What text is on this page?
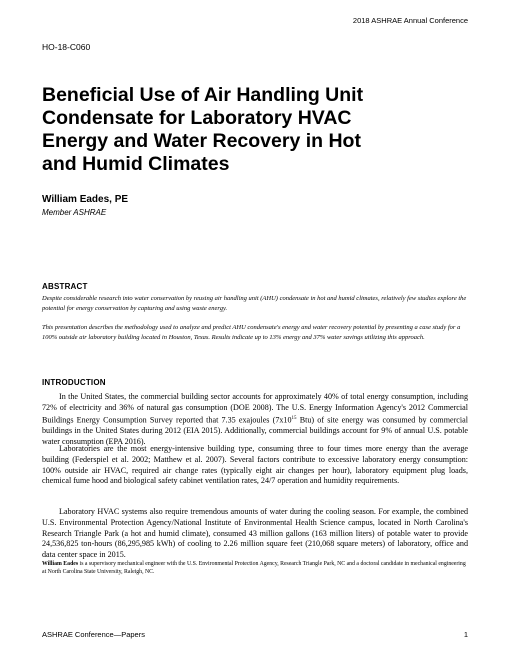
2018 ASHRAE Annual Conference
HO-18-C060
Beneficial Use of Air Handling Unit
Condensate for Laboratory HVAC
Energy and Water Recovery in Hot
and Humid Climates
William Eades, PE
Member ASHRAE
ABSTRACT

Despite considerable research into water conservation by reusing air handling unit (AHU) condensate in hot and humid climates, relatively few studies explore the potential for energy conservation by capturing and using waste energy.

This presentation describes the methodology used to analyze and predict AHU condensate's energy and water recovery potential by presenting a case study for a 100% outside air laboratory building located in Houston, Texas. Results indicate up to 13% energy and 37% water savings utilizing this approach.

INTRODUCTION

In the United States, the commercial building sector accounts for approximately 40% of total energy consumption, including 72% of electricity and 36% of natural gas consumption (DOE 2008). The U.S. Energy Information Agency's 2012 Commercial Buildings Energy Consumption Survey reported that 7.35 exajoules ($7x10^{15}$ Btu) of site energy was consumed by commercial buildings in the United States during 2012 (EIA 2015). Additionally, commercial buildings account for 9% of annual U.S. potable water consumption (EPA 2016).

Laboratories are the most energy-intensive building type, consuming three to four times more energy than the average building (Federspiel et al. 2002; Matthew et al. 2007). Several factors contribute to excessive laboratory energy consumption: 100% outside air HVAC, required air change rates (typically eight air changes per hour), laboratory equipment plug loads, chemical fume hood and biological safety cabinet ventilation rates, 24/7 operation and humidity requirements.

Laboratory HVAC systems also require tremendous amounts of water during the cooling season. For example, the combined U.S. Environmental Protection Agency/National Institute of Environmental Health Science campus, located in North Carolina's Research Triangle Park (a hot and humid climate), consumed 43 million gallons (163 million liters) of potable water to provide 24,536,825 ton-hours (86,295,985 kWh) of cooling to 2.26 million square feet (210,068 square meters) of laboratory, office and data center space in 2015.

William Eades is a supervisory mechanical engineer with the U.S. Environmental Protection Agency, Research Triangle Park, NC and a doctoral candidate in mechanical engineering at North Carolina State University, Raleigh, NC.

ASHRAE Conference—Papers	1
